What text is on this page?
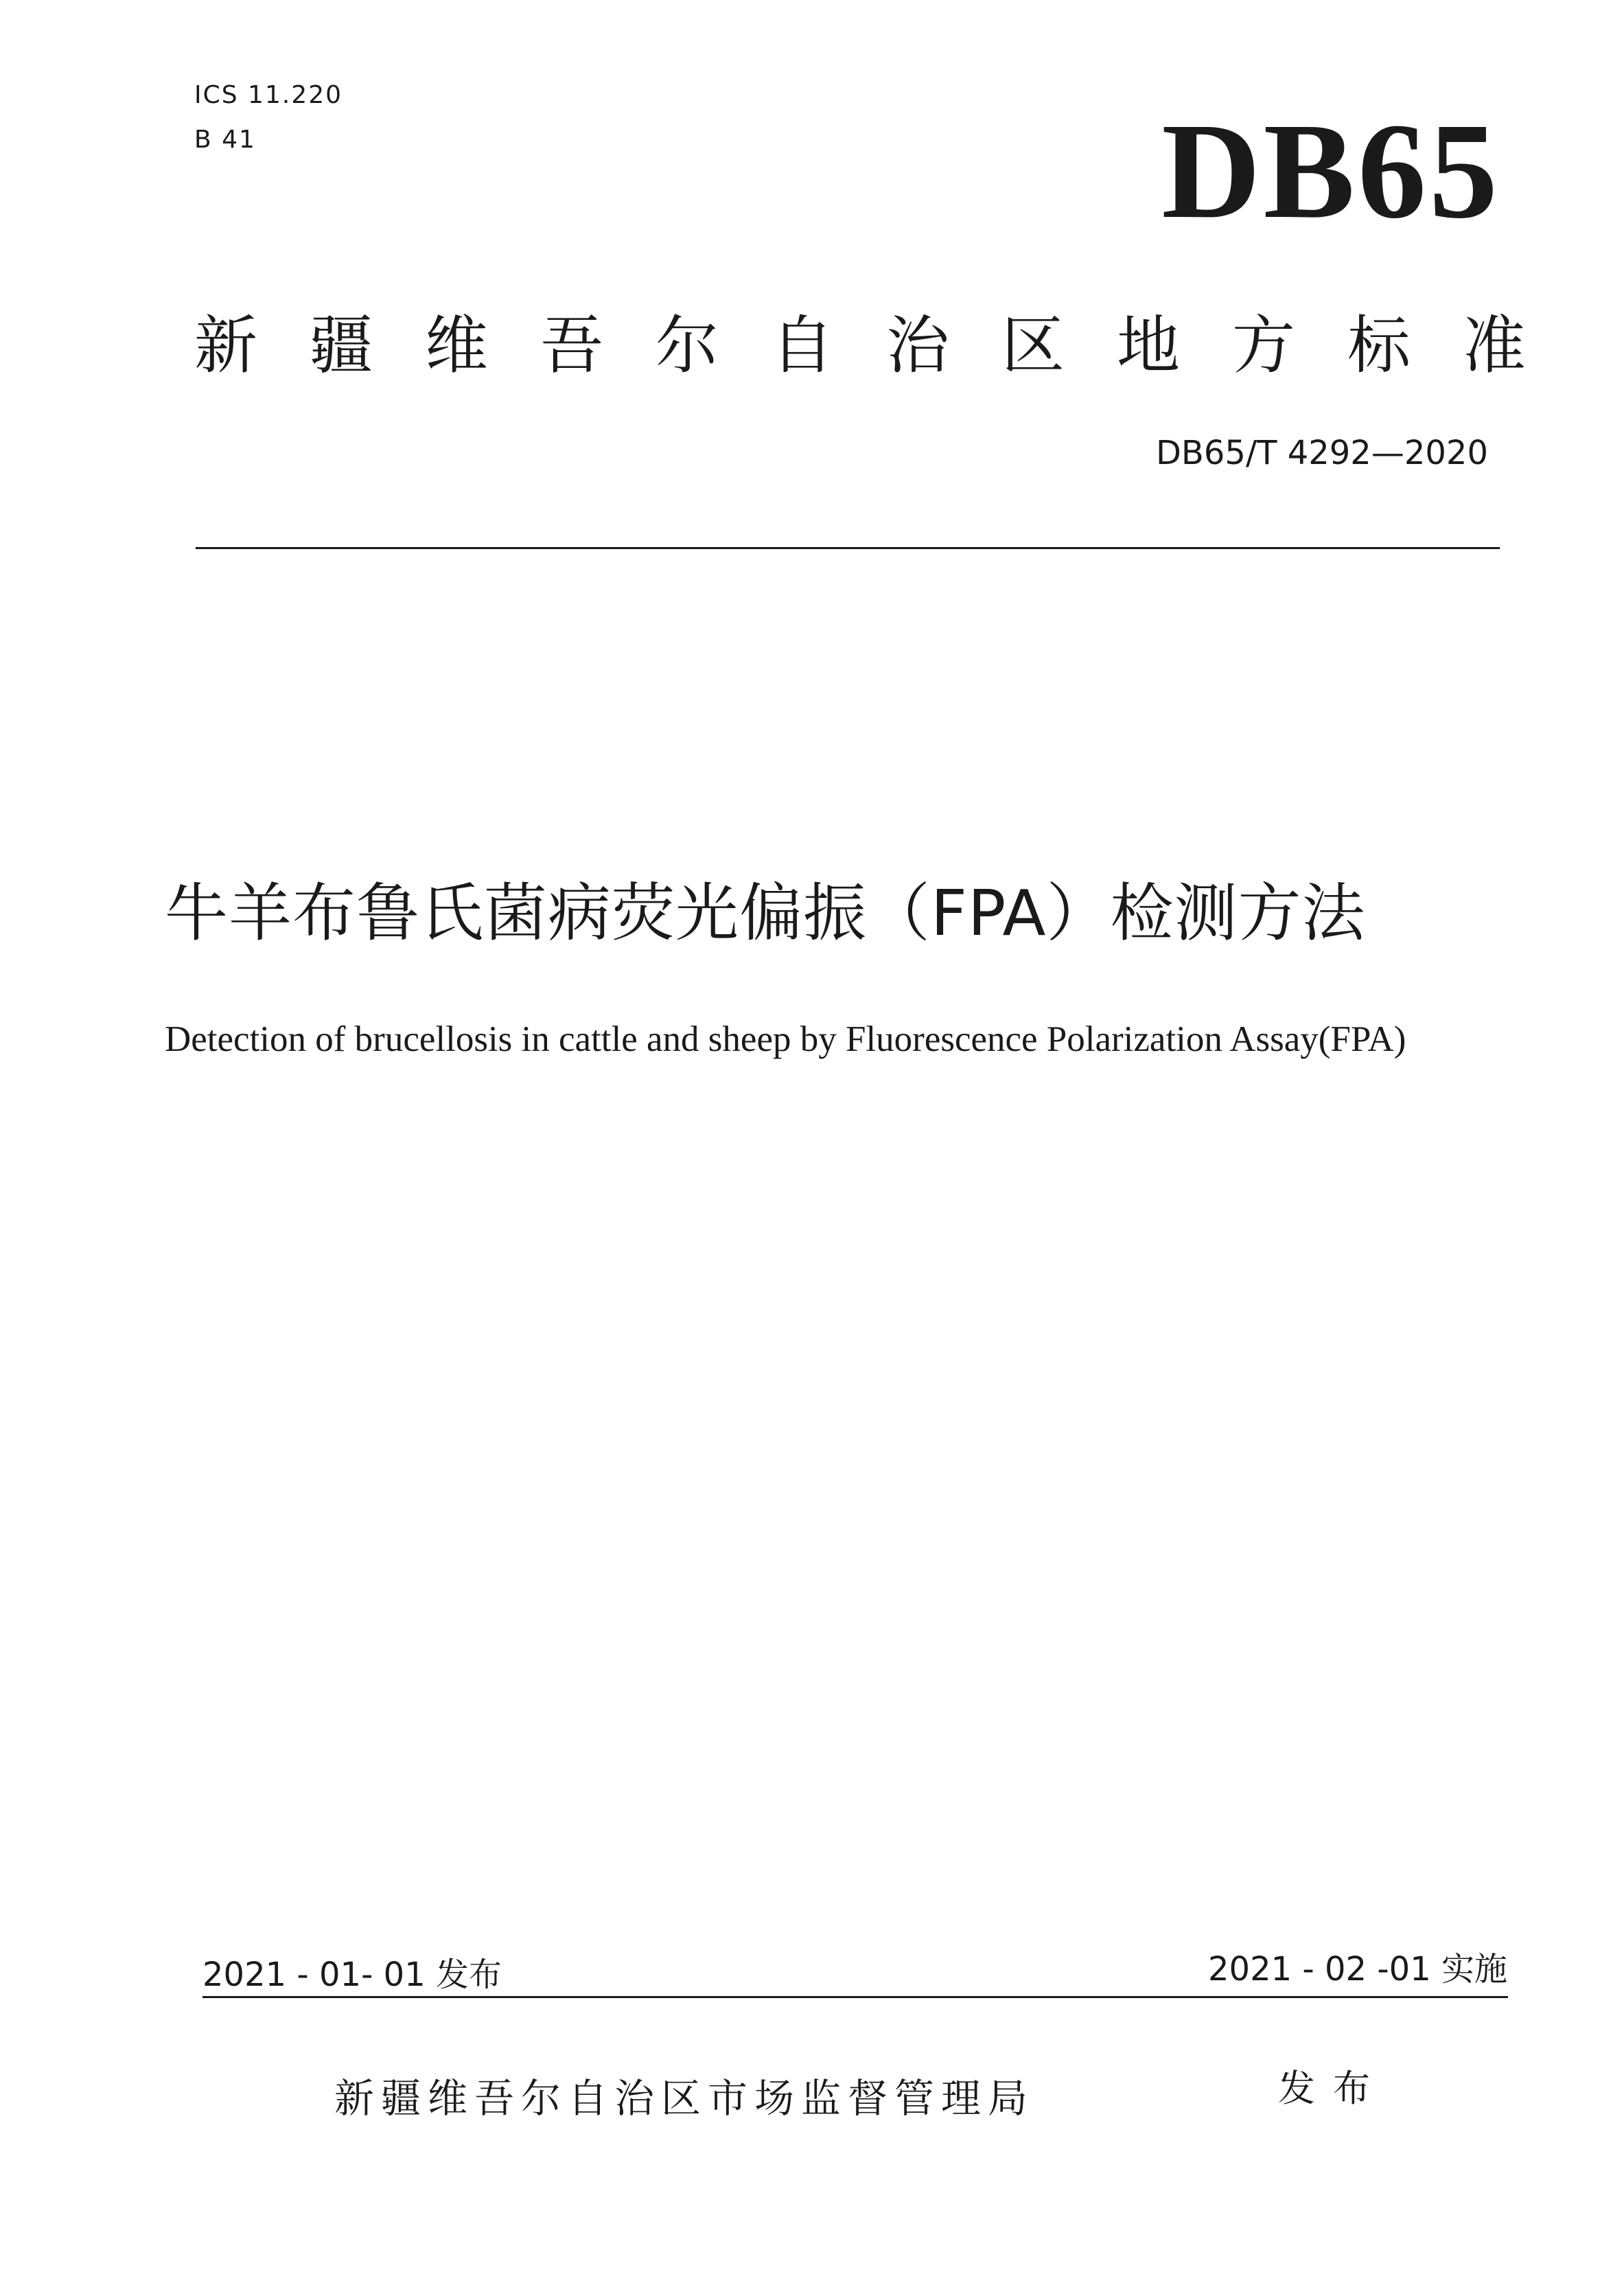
ICS 11.220
B 41	DB65
新疆维吾尔自治区地方标准
DB65/T 4292—2020
牛羊布鲁氏菌病荧光偏振（FPA）检测方法
Detection of brucellosis in cattle and sheep by Fluorescence Polarization Assay(FPA)
2021 - 01- 01 发布	2021 - 02 -01 实施
新疆维吾尔自治区市场监督管理局	发布
